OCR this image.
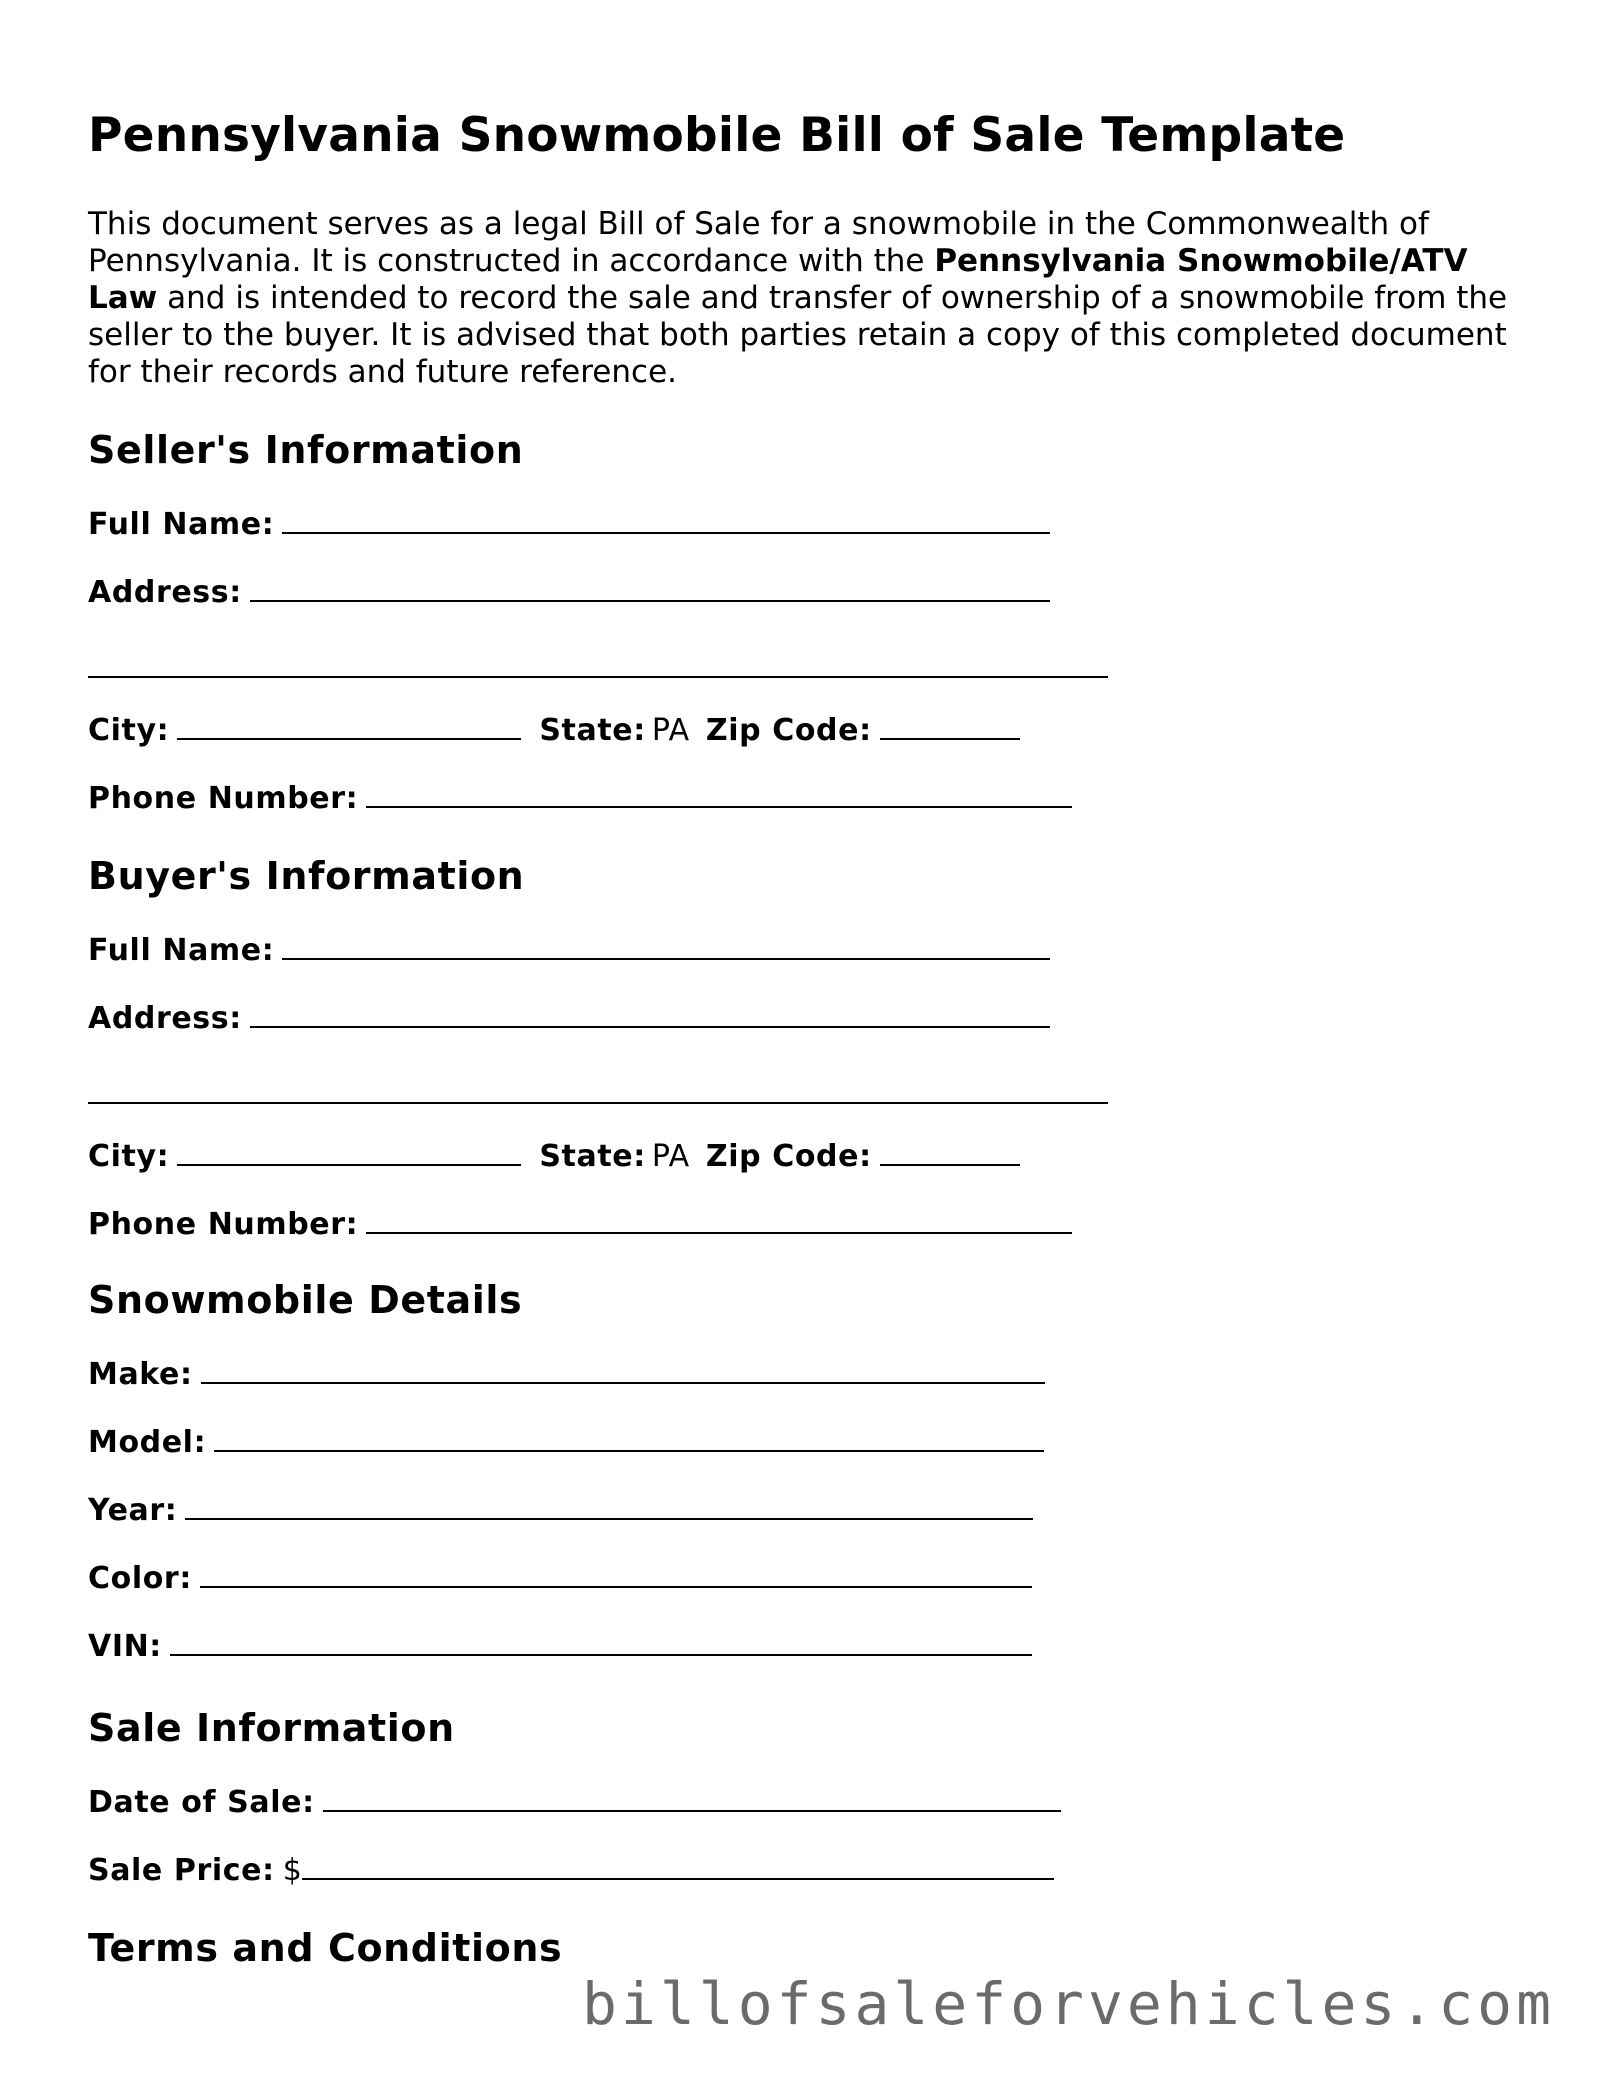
Pennsylvania Snowmobile Bill of Sale Template

This document serves as a legal Bill of Sale for a snowmobile in the Commonwealth of Pennsylvania. It is constructed in accordance with the Pennsylvania Snowmobile/ATV Law and is intended to record the sale and transfer of ownership of a snowmobile from the seller to the buyer. It is advised that both parties retain a copy of this completed document for their records and future reference.

Seller's Information
Full Name:
Address:
City:	State: PA Zip Code:
Phone Number:
Buyer's Information
Full Name:
Address:
City:	State: PA Zip Code:
Phone Number:
Snowmobile Details
Make:
Model:
Year:
Color:
VIN:
Sale Information
Date of Sale:
Sale Price: $
Terms and Conditions
billofsaleforvehicles.com
